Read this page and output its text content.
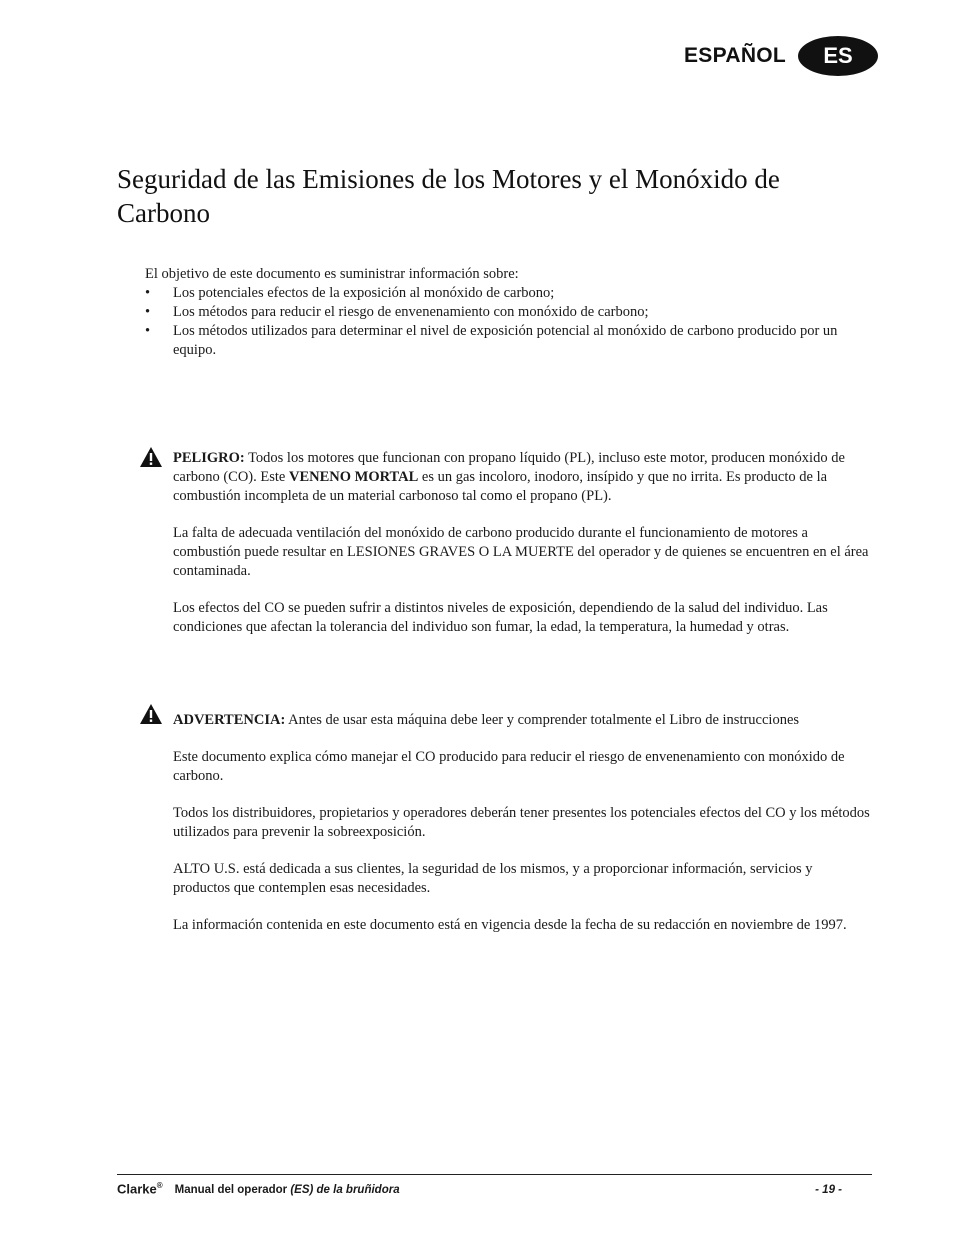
ESPAÑOL	ES
Seguridad de las Emisiones de los Motores y el Monóxido de Carbono

El objetivo de este documento es suministrar información sobre:

• Los potenciales efectos de la exposición al monóxido de carbono;
• Los métodos para reducir el riesgo de envenenamiento con monóxido de carbono;
• Los métodos utilizados para determinar el nivel de exposición potencial al monóxido de carbono producido por un equipo.

PELIGRO: Todos los motores que funcionan con propano líquido (PL), incluso este motor, producen monóxido de carbono (CO). Este VENENO MORTAL es un gas incoloro, inodoro, insípido y que no irrita. Es producto de la combustión incompleta de un material carbonoso tal como el propano (PL).

La falta de adecuada ventilación del monóxido de carbono producido durante el funcionamiento de motores a combustión puede resultar en LESIONES GRAVES O LA MUERTE del operador y de quienes se encuentren en el área contaminada.

Los efectos del CO se pueden sufrir a distintos niveles de exposición, dependiendo de la salud del individuo. Las condiciones que afectan la tolerancia del individuo son fumar, la edad, la temperatura, la humedad y otras.

ADVERTENCIA: Antes de usar esta máquina debe leer y comprender totalmente el Libro de instrucciones

Este documento explica cómo manejar el CO producido para reducir el riesgo de envenenamiento con monóxido de carbono.

Todos los distribuidores, propietarios y operadores deberán tener presentes los potenciales efectos del CO y los métodos utilizados para prevenir la sobreexposición.

ALTO U.S. está dedicada a sus clientes, la seguridad de los mismos, y a proporcionar información, servicios y productos que contemplen esas necesidades.

La información contenida en este documento está en vigencia desde la fecha de su redacción en noviembre de 1997.

Clarke® Manual del operador (ES) de la bruñidora	- 19 -
